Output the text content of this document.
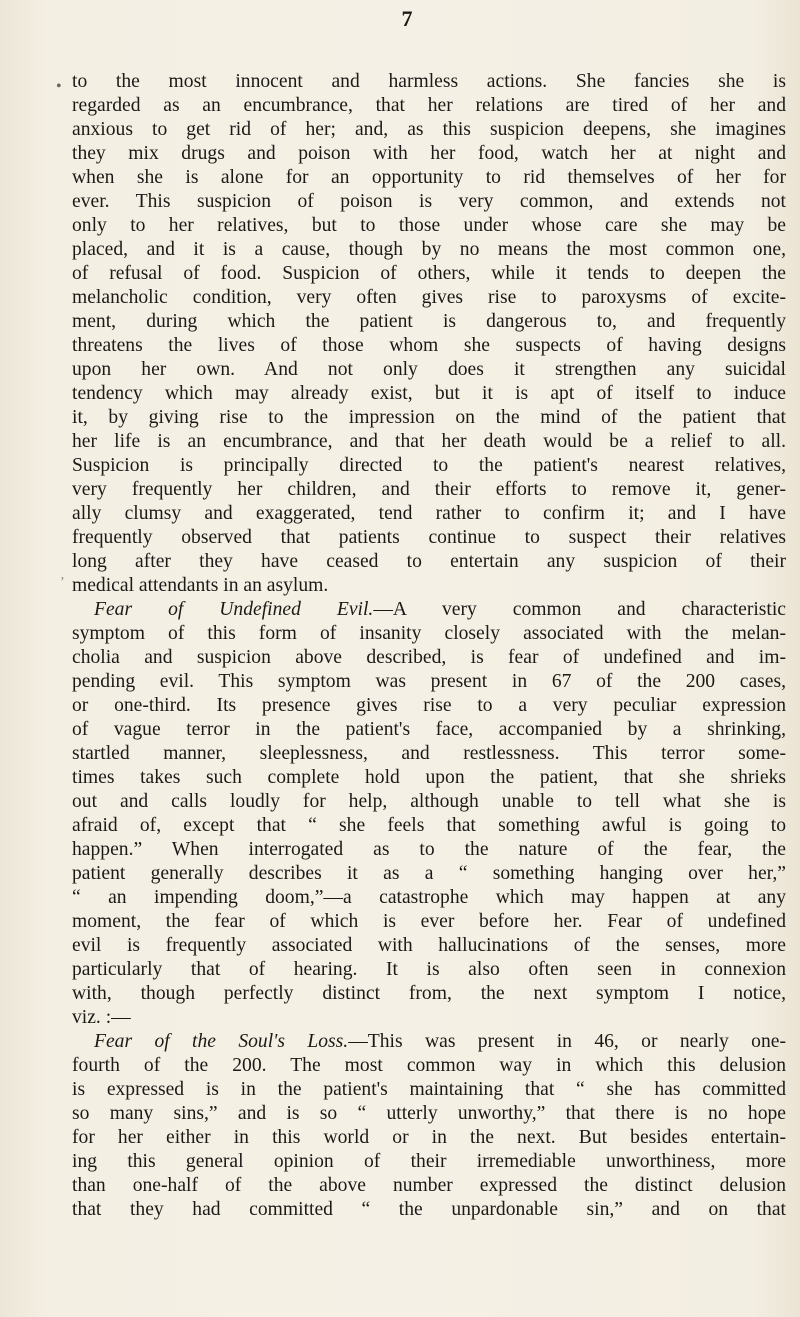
7
•
ʼ
to the most innocent and harmless actions. She fancies she is
regarded as an encumbrance, that her relations are tired of her and
anxious to get rid of her; and, as this suspicion deepens, she imagines
they mix drugs and poison with her food, watch her at night and
when she is alone for an opportunity to rid themselves of her for
ever. This suspicion of poison is very common, and extends not
only to her relatives, but to those under whose care she may be
placed, and it is a cause, though by no means the most common one,
of refusal of food. Suspicion of others, while it tends to deepen the
melancholic condition, very often gives rise to paroxysms of excite-
ment, during which the patient is dangerous to, and frequently
threatens the lives of those whom she suspects of having designs
upon her own. And not only does it strengthen any suicidal
tendency which may already exist, but it is apt of itself to induce
it, by giving rise to the impression on the mind of the patient that
her life is an encumbrance, and that her death would be a relief to all.
Suspicion is principally directed to the patient's nearest relatives,
very frequently her children, and their efforts to remove it, gener-
ally clumsy and exaggerated, tend rather to confirm it; and I have
frequently observed that patients continue to suspect their relatives
long after they have ceased to entertain any suspicion of their
medical attendants in an asylum.
Fear of Undefined Evil.—A very common and characteristic
symptom of this form of insanity closely associated with the melan-
cholia and suspicion above described, is fear of undefined and im-
pending evil. This symptom was present in 67 of the 200 cases,
or one-third. Its presence gives rise to a very peculiar expression
of vague terror in the patient's face, accompanied by a shrinking,
startled manner, sleeplessness, and restlessness. This terror some-
times takes such complete hold upon the patient, that she shrieks
out and calls loudly for help, although unable to tell what she is
afraid of, except that “ she feels that something awful is going to
happen.” When interrogated as to the nature of the fear, the
patient generally describes it as a “ something hanging over her,”
“ an impending doom,”—a catastrophe which may happen at any
moment, the fear of which is ever before her. Fear of undefined
evil is frequently associated with hallucinations of the senses, more
particularly that of hearing. It is also often seen in connexion
with, though perfectly distinct from, the next symptom I notice,
viz. :—
Fear of the Soul's Loss.—This was present in 46, or nearly one-
fourth of the 200. The most common way in which this delusion
is expressed is in the patient's maintaining that “ she has committed
so many sins,” and is so “ utterly unworthy,” that there is no hope
for her either in this world or in the next. But besides entertain-
ing this general opinion of their irremediable unworthiness, more
than one-half of the above number expressed the distinct delusion
that they had committed “ the unpardonable sin,” and on that
